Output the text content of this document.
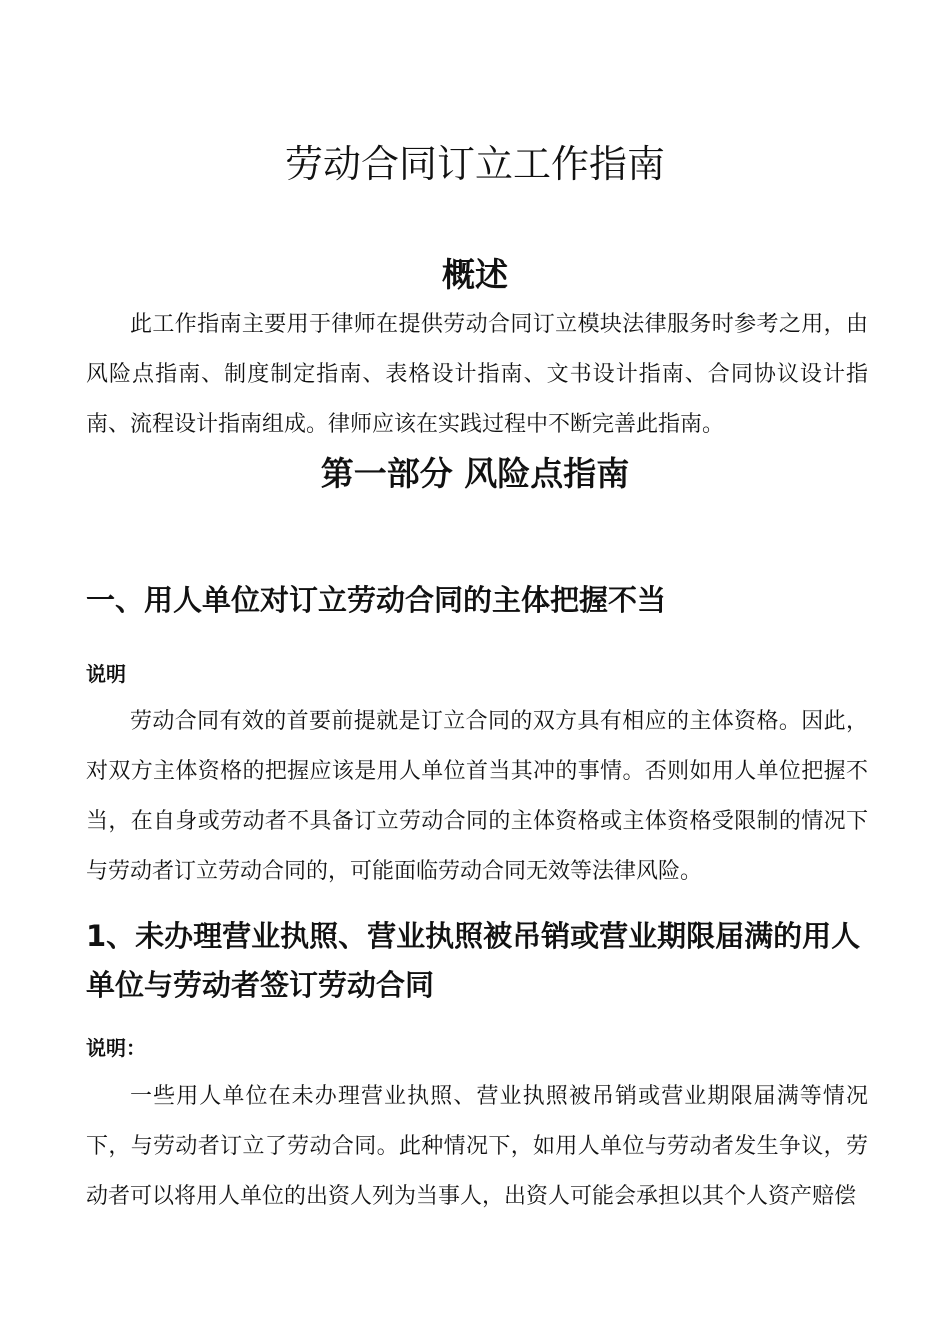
劳动合同订立工作指南
概述

此工作指南主要用于律师在提供劳动合同订立模块法律服务时参考之用，由风险点指南、制度制定指南、表格设计指南、文书设计指南、合同协议设计指南、流程设计指南组成。律师应该在实践过程中不断完善此指南。

第一部分 风险点指南
一、用人单位对订立劳动合同的主体把握不当
说明

劳动合同有效的首要前提就是订立合同的双方具有相应的主体资格。因此，对双方主体资格的把握应该是用人单位首当其冲的事情。否则如用人单位把握不当，在自身或劳动者不具备订立劳动合同的主体资格或主体资格受限制的情况下与劳动者订立劳动合同的，可能面临劳动合同无效等法律风险。

1、未办理营业执照、营业执照被吊销或营业期限届满的用人单位与劳动者签订劳动合同
说明：

一些用人单位在未办理营业执照、营业执照被吊销或营业期限届满等情况下，与劳动者订立了劳动合同。此种情况下，如用人单位与劳动者发生争议，劳动者可以将用人单位的出资人列为当事人，出资人可能会承担以其个人资产赔偿
